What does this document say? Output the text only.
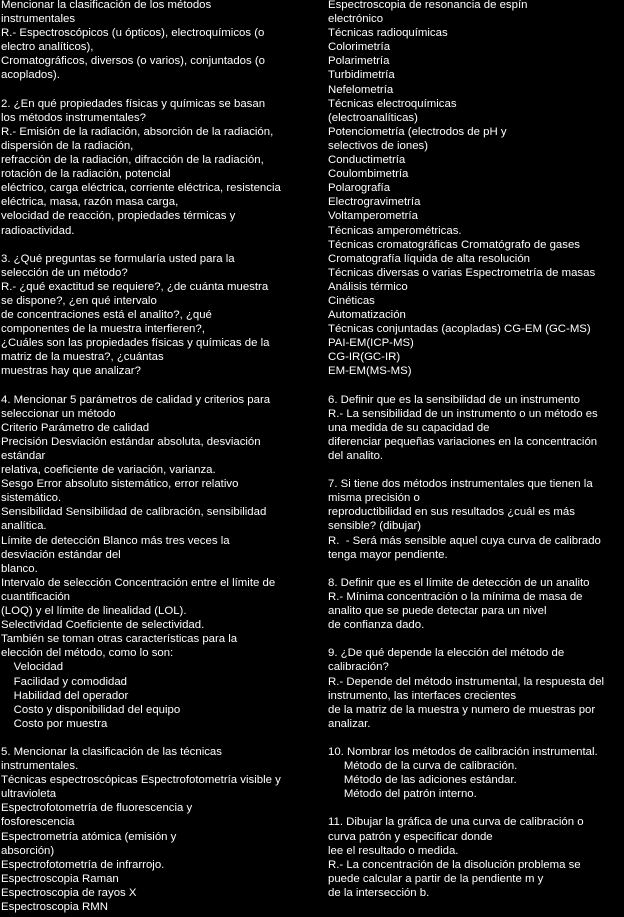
Mencionar la clasificación de los métodos
instrumentales
R.- Espectroscópicos (u ópticos), electroquímicos (o
electro analíticos),
Cromatográficos, diversos (o varios), conjuntados (o
acoplados).
2. ¿En qué propiedades físicas y químicas se basan
los métodos instrumentales?
R.- Emisión de la radiación, absorción de la radiación,
dispersión de la radiación,
refracción de la radiación, difracción de la radiación,
rotación de la radiación, potencial
eléctrico, carga eléctrica, corriente eléctrica, resistencia
eléctrica, masa, razón masa carga,
velocidad de reacción, propiedades térmicas y
radioactividad.
3. ¿Qué preguntas se formularía usted para la
selección de un método?
R.- ¿qué exactitud se requiere?, ¿de cuánta muestra
se dispone?, ¿en qué intervalo
de concentraciones está el analito?, ¿qué
componentes de la muestra interfieren?,
¿Cuáles son las propiedades físicas y químicas de la
matriz de la muestra?, ¿cuántas
muestras hay que analizar?
4. Mencionar 5 parámetros de calidad y criterios para
seleccionar un método
Criterio Parámetro de calidad
Precisión Desviación estándar absoluta, desviación
estándar
relativa, coeficiente de variación, varianza.
Sesgo Error absoluto sistemático, error relativo
sistemático.
Sensibilidad Sensibilidad de calibración, sensibilidad
analítica.
Límite de detección Blanco más tres veces la
desviación estándar del
blanco.
Intervalo de selección Concentración entre el límite de
cuantificación
(LOQ) y el límite de linealidad (LOL).
Selectividad Coeficiente de selectividad.
También se toman otras características para la
elección del método, como lo son:
Velocidad
Facilidad y comodidad
Habilidad del operador
Costo y disponibilidad del equipo
Costo por muestra
5. Mencionar la clasificación de las técnicas
instrumentales.
Técnicas espectroscópicas Espectrofotometría visible y
ultravioleta
Espectrofotometría de fluorescencia y
fosforescencia
Espectrometría atómica (emisión y
absorción)
Espectrofotometría de infrarrojo.
Espectroscopia Raman
Espectroscopia de rayos X
Espectroscopia RMN
Espectroscopia de resonancia de espín
electrónico
Técnicas radioquímicas
Colorimetría
Polarimetría
Turbidimetría
Nefelometría
Técnicas electroquímicas
(electroanalíticas)
Potenciometría (electrodos de pH y
selectivos de iones)
Conductimetría
Coulombimetría
Polarografía
Electrogravimetría
Voltamperometría
Técnicas amperométricas.
Técnicas cromatográficas Cromatógrafo de gases
Cromatografía líquida de alta resolución
Técnicas diversas o varias Espectrometría de masas
Análisis térmico
Cinéticas
Automatización
Técnicas conjuntadas (acopladas) CG-EM (GC-MS)
PAI-EM(ICP-MS)
CG-IR(GC-IR)
EM-EM(MS-MS)
6. Definir que es la sensibilidad de un instrumento
R.- La sensibilidad de un instrumento o un método es
una medida de su capacidad de
diferenciar pequeñas variaciones en la concentración
del analito.
7. Si tiene dos métodos instrumentales que tienen la
misma precisión o
reproductibilidad en sus resultados ¿cuál es más
sensible? (dibujar)
R.  - Será más sensible aquel cuya curva de calibrado
tenga mayor pendiente.
8. Definir que es el límite de detección de un analito
R.- Mínima concentración o la mínima de masa de
analito que se puede detectar para un nivel
de confianza dado.
9. ¿De qué depende la elección del método de
calibración?
R.- Depende del método instrumental, la respuesta del
instrumento, las interfaces crecientes
de la matriz de la muestra y numero de muestras por
analizar.
10. Nombrar los métodos de calibración instrumental.
Método de la curva de calibración.
Método de las adiciones estándar.
Método del patrón interno.
11. Dibujar la gráfica de una curva de calibración o
curva patrón y especificar donde
lee el resultado o medida.
R.- La concentración de la disolución problema se
puede calcular a partir de la pendiente m y
de la intersección b.
